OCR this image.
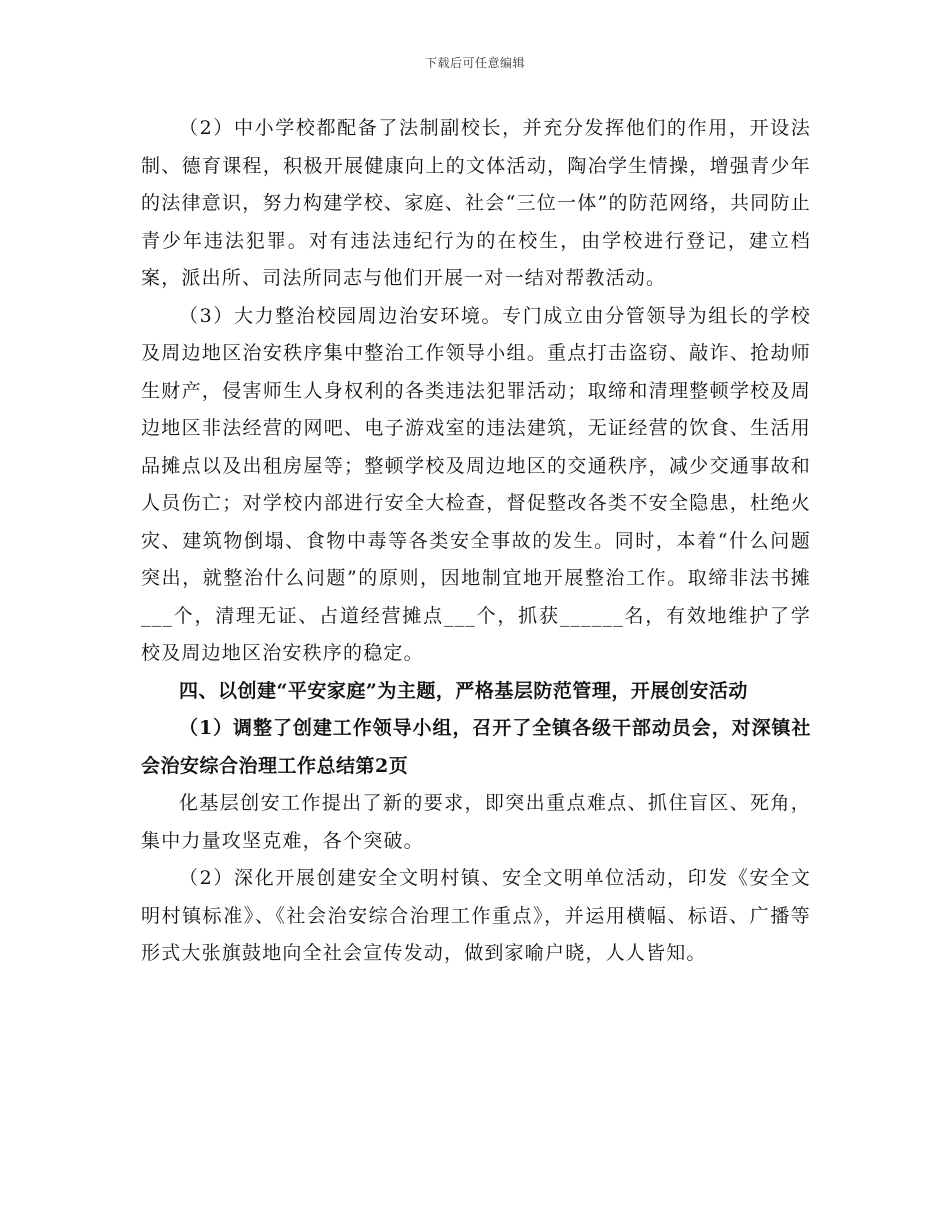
下载后可任意编辑

（2）中小学校都配备了法制副校长，并充分发挥他们的作用，开设法制、德育课程，积极开展健康向上的文体活动，陶冶学生情操，增强青少年的法律意识，努力构建学校、家庭、社会“三位一体”的防范网络，共同防止青少年违法犯罪。对有违法违纪行为的在校生，由学校进行登记，建立档案，派出所、司法所同志与他们开展一对一结对帮教活动。

（3）大力整治校园周边治安环境。专门成立由分管领导为组长的学校及周边地区治安秩序集中整治工作领导小组。重点打击盗窃、敲诈、抢劫师生财产，侵害师生人身权利的各类违法犯罪活动；取缔和清理整顿学校及周边地区非法经营的网吧、电子游戏室的违法建筑，无证经营的饮食、生活用品摊点以及出租房屋等；整顿学校及周边地区的交通秩序，减少交通事故和人员伤亡；对学校内部进行安全大检查，督促整改各类不安全隐患，杜绝火灾、建筑物倒塌、食物中毒等各类安全事故的发生。同时，本着“什么问题突出，就整治什么问题”的原则，因地制宜地开展整治工作。取缔非法书摊___个，清理无证、占道经营摊点___个，抓获______名，有效地维护了学校及周边地区治安秩序的稳定。

四、以创建“平安家庭”为主题，严格基层防范管理，开展创安活动

（1）调整了创建工作领导小组，召开了全镇各级干部动员会，对深镇社会治安综合治理工作总结第2页

化基层创安工作提出了新的要求，即突出重点难点、抓住盲区、死角，集中力量攻坚克难，各个突破。

（2）深化开展创建安全文明村镇、安全文明单位活动，印发《安全文明村镇标准》、《社会治安综合治理工作重点》，并运用横幅、标语、广播等形式大张旗鼓地向全社会宣传发动，做到家喻户晓，人人皆知。
